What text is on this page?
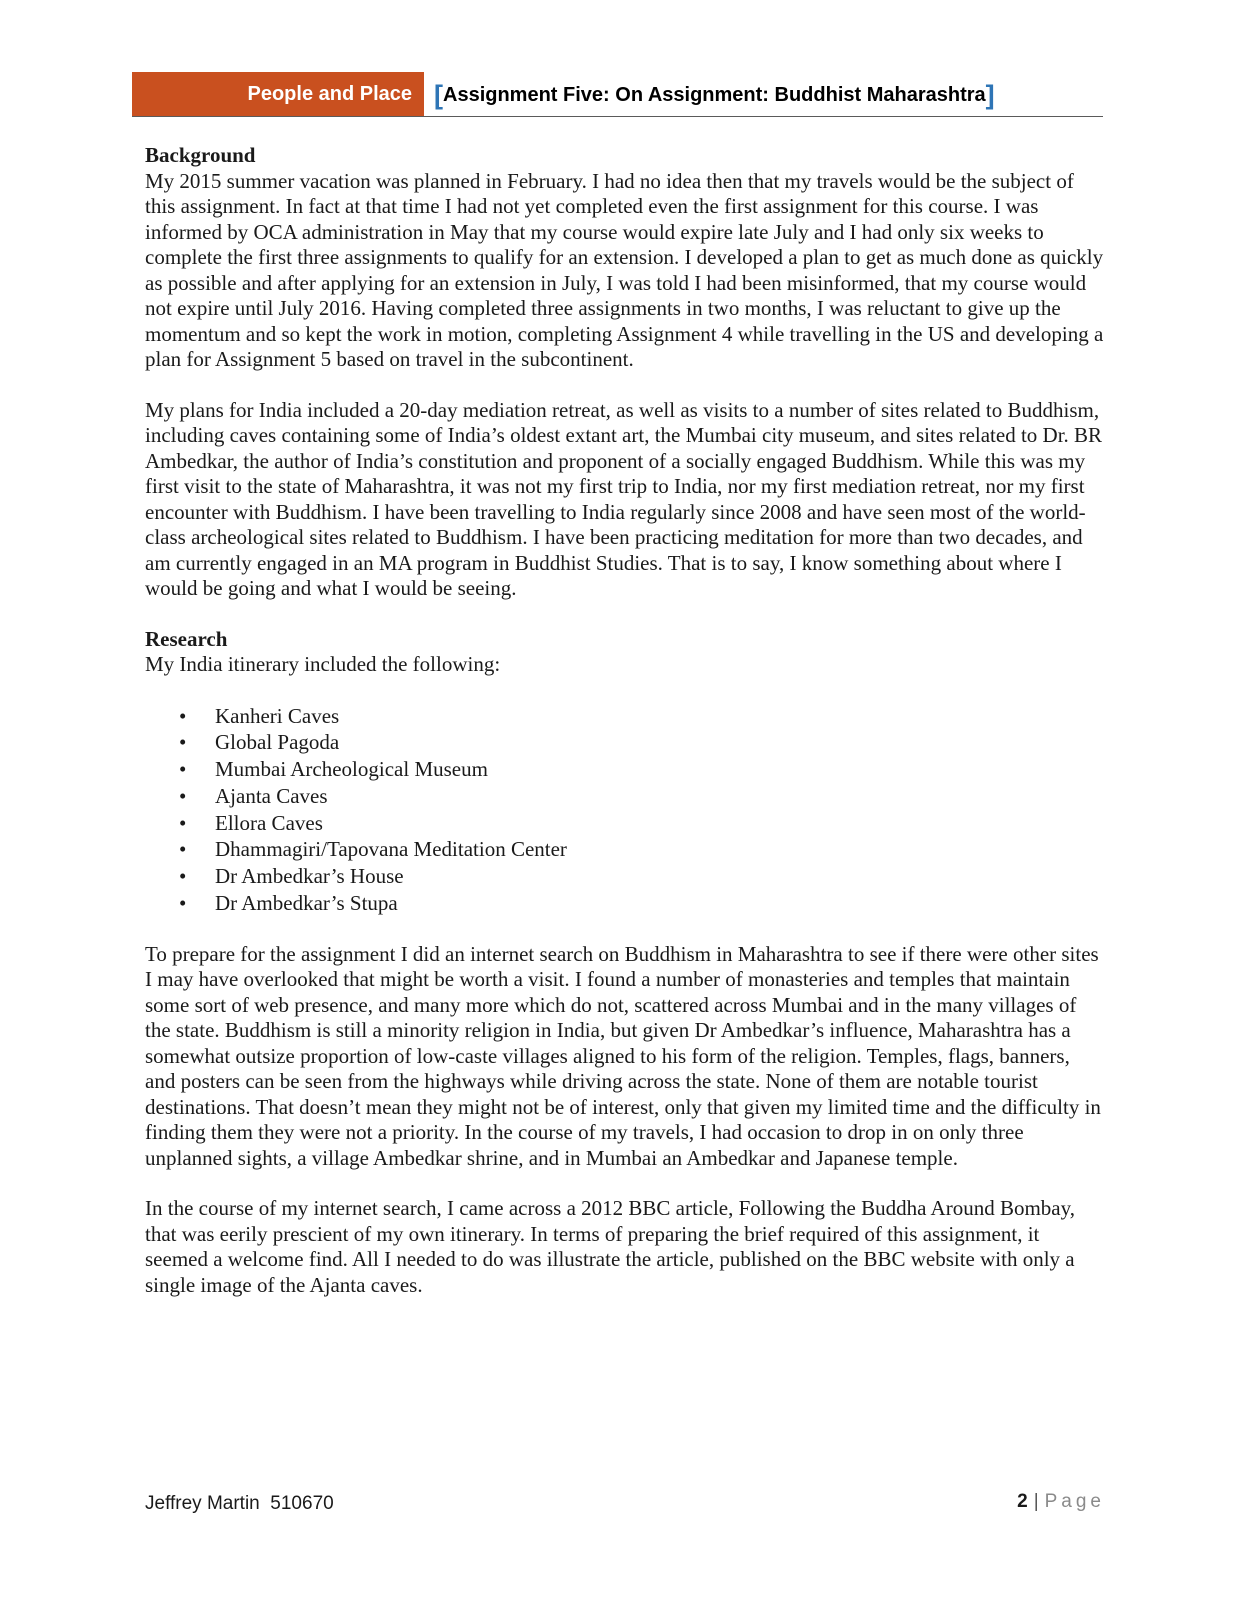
People and Place [ Assignment Five: On Assignment: Buddhist Maharashtra ]

Background

My 2015 summer vacation was planned in February. I had no idea then that my travels would be the subject of this assignment. In fact at that time I had not yet completed even the first assignment for this course. I was informed by OCA administration in May that my course would expire late July and I had only six weeks to complete the first three assignments to qualify for an extension. I developed a plan to get as much done as quickly as possible and after applying for an extension in July, I was told I had been misinformed, that my course would not expire until July 2016. Having completed three assignments in two months, I was reluctant to give up the momentum and so kept the work in motion, completing Assignment 4 while travelling in the US and developing a plan for Assignment 5 based on travel in the subcontinent.

My plans for India included a 20-day mediation retreat, as well as visits to a number of sites related to Buddhism, including caves containing some of India’s oldest extant art, the Mumbai city museum, and sites related to Dr. BR Ambedkar, the author of India’s constitution and proponent of a socially engaged Buddhism. While this was my first visit to the state of Maharashtra, it was not my first trip to India, nor my first mediation retreat, nor my first encounter with Buddhism. I have been travelling to India regularly since 2008 and have seen most of the world-class archeological sites related to Buddhism. I have been practicing meditation for more than two decades, and am currently engaged in an MA program in Buddhist Studies. That is to say, I know something about where I would be going and what I would be seeing.

Research

My India itinerary included the following:

• Kanheri Caves
• Global Pagoda
• Mumbai Archeological Museum
• Ajanta Caves
• Ellora Caves
• Dhammagiri/Tapovana Meditation Center
• Dr Ambedkar’s House
• Dr Ambedkar’s Stupa

To prepare for the assignment I did an internet search on Buddhism in Maharashtra to see if there were other sites I may have overlooked that might be worth a visit. I found a number of monasteries and temples that maintain some sort of web presence, and many more which do not, scattered across Mumbai and in the many villages of the state. Buddhism is still a minority religion in India, but given Dr Ambedkar’s influence, Maharashtra has a somewhat outsize proportion of low-caste villages aligned to his form of the religion. Temples, flags, banners, and posters can be seen from the highways while driving across the state. None of them are notable tourist destinations. That doesn’t mean they might not be of interest, only that given my limited time and the difficulty in finding them they were not a priority. In the course of my travels, I had occasion to drop in on only three unplanned sights, a village Ambedkar shrine, and in Mumbai an Ambedkar and Japanese temple.

In the course of my internet search, I came across a 2012 BBC article, Following the Buddha Around Bombay, that was eerily prescient of my own itinerary. In terms of preparing the brief required of this assignment, it seemed a welcome find. All I needed to do was illustrate the article, published on the BBC website with only a single image of the Ajanta caves.

Jeffrey Martin  510670	2 | Page
